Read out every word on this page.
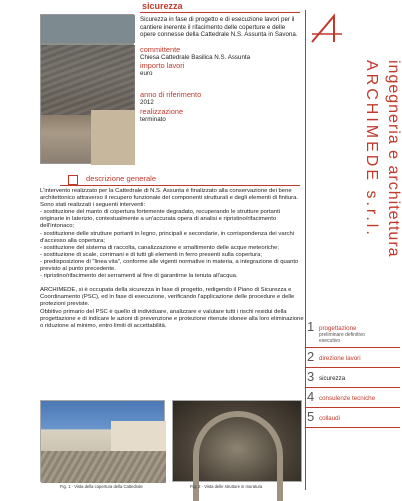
sicurezza

Sicurezza in fase di progetto e di esecuzione lavori per il cantiere inerente il rifacimento delle coperture e delle opere connesse della Cattedrale N.S. Assunta in Savona.

committente
Chiesa Cattedrale Basilica N.S. Assunta
importo lavori
euro
anno di riferimento
2012
realizzazione
terminato	ARCHIMEDE s.r.l. ingegneria e architettura
descrizione generale

L'intervento realizzato per la Cattedrale di N.S. Assunta è finalizzato alla conservazione dei bene architettonico attraverso il recupero funzionale dei componenti strutturali e degli elementi di finitura.

Sono stati realizzati i seguenti interventi:

- sostituzione del manto di copertura fortemente degradato, recuperando le strutture portanti originarie in laterizio, contestualmente a un'accurata opera di analisi e ripristino/rifacimento dell'intonaco;

- sostituzione delle strutture portanti in legno, principali e secondarie, in corrispondenza dei varchi d'accesso alla copertura;

- sostituzione del sistema di raccolta, canalizzazione e smaltimento delle acque meteoriche;

- sostituzione di scale, corrimani e di tutti gli elementi in ferro presenti sulla copertura;

- predisposizione di "linea vita", conforme alle vigenti normative in materia, a integrazione di quanto previsto al punto precedente.

- ripristino/rifacimento dei serramenti al fine di garantirne la tenuta all'acqua.

ARCHIMEDE, si è occupata della sicurezza in fase di progetto, redigendo il Piano di Sicurezza e Coordinamento (PSC), ed in fase di esecuzione, verificando l'applicazione delle procedure e delle protezioni previste.

Obbitivo primario del PSC è quello di individuare, analizzare e valutare tutti i rischi residui della progettazione e di indicare le azioni di prevenzione e protezione ritenute idonee alla loro eliminazione o riduzione al minimo, entro limiti di accettabilità.	1 progettazione
preliminare definitivo esecutivo
2 direzione lavori
3 sicurezza
4 consulenze tecniche
5 collaudi
Fig. 1 - Vista della copertura della Cattedrale	Fig. 2 - Vista delle strutture in muratura
